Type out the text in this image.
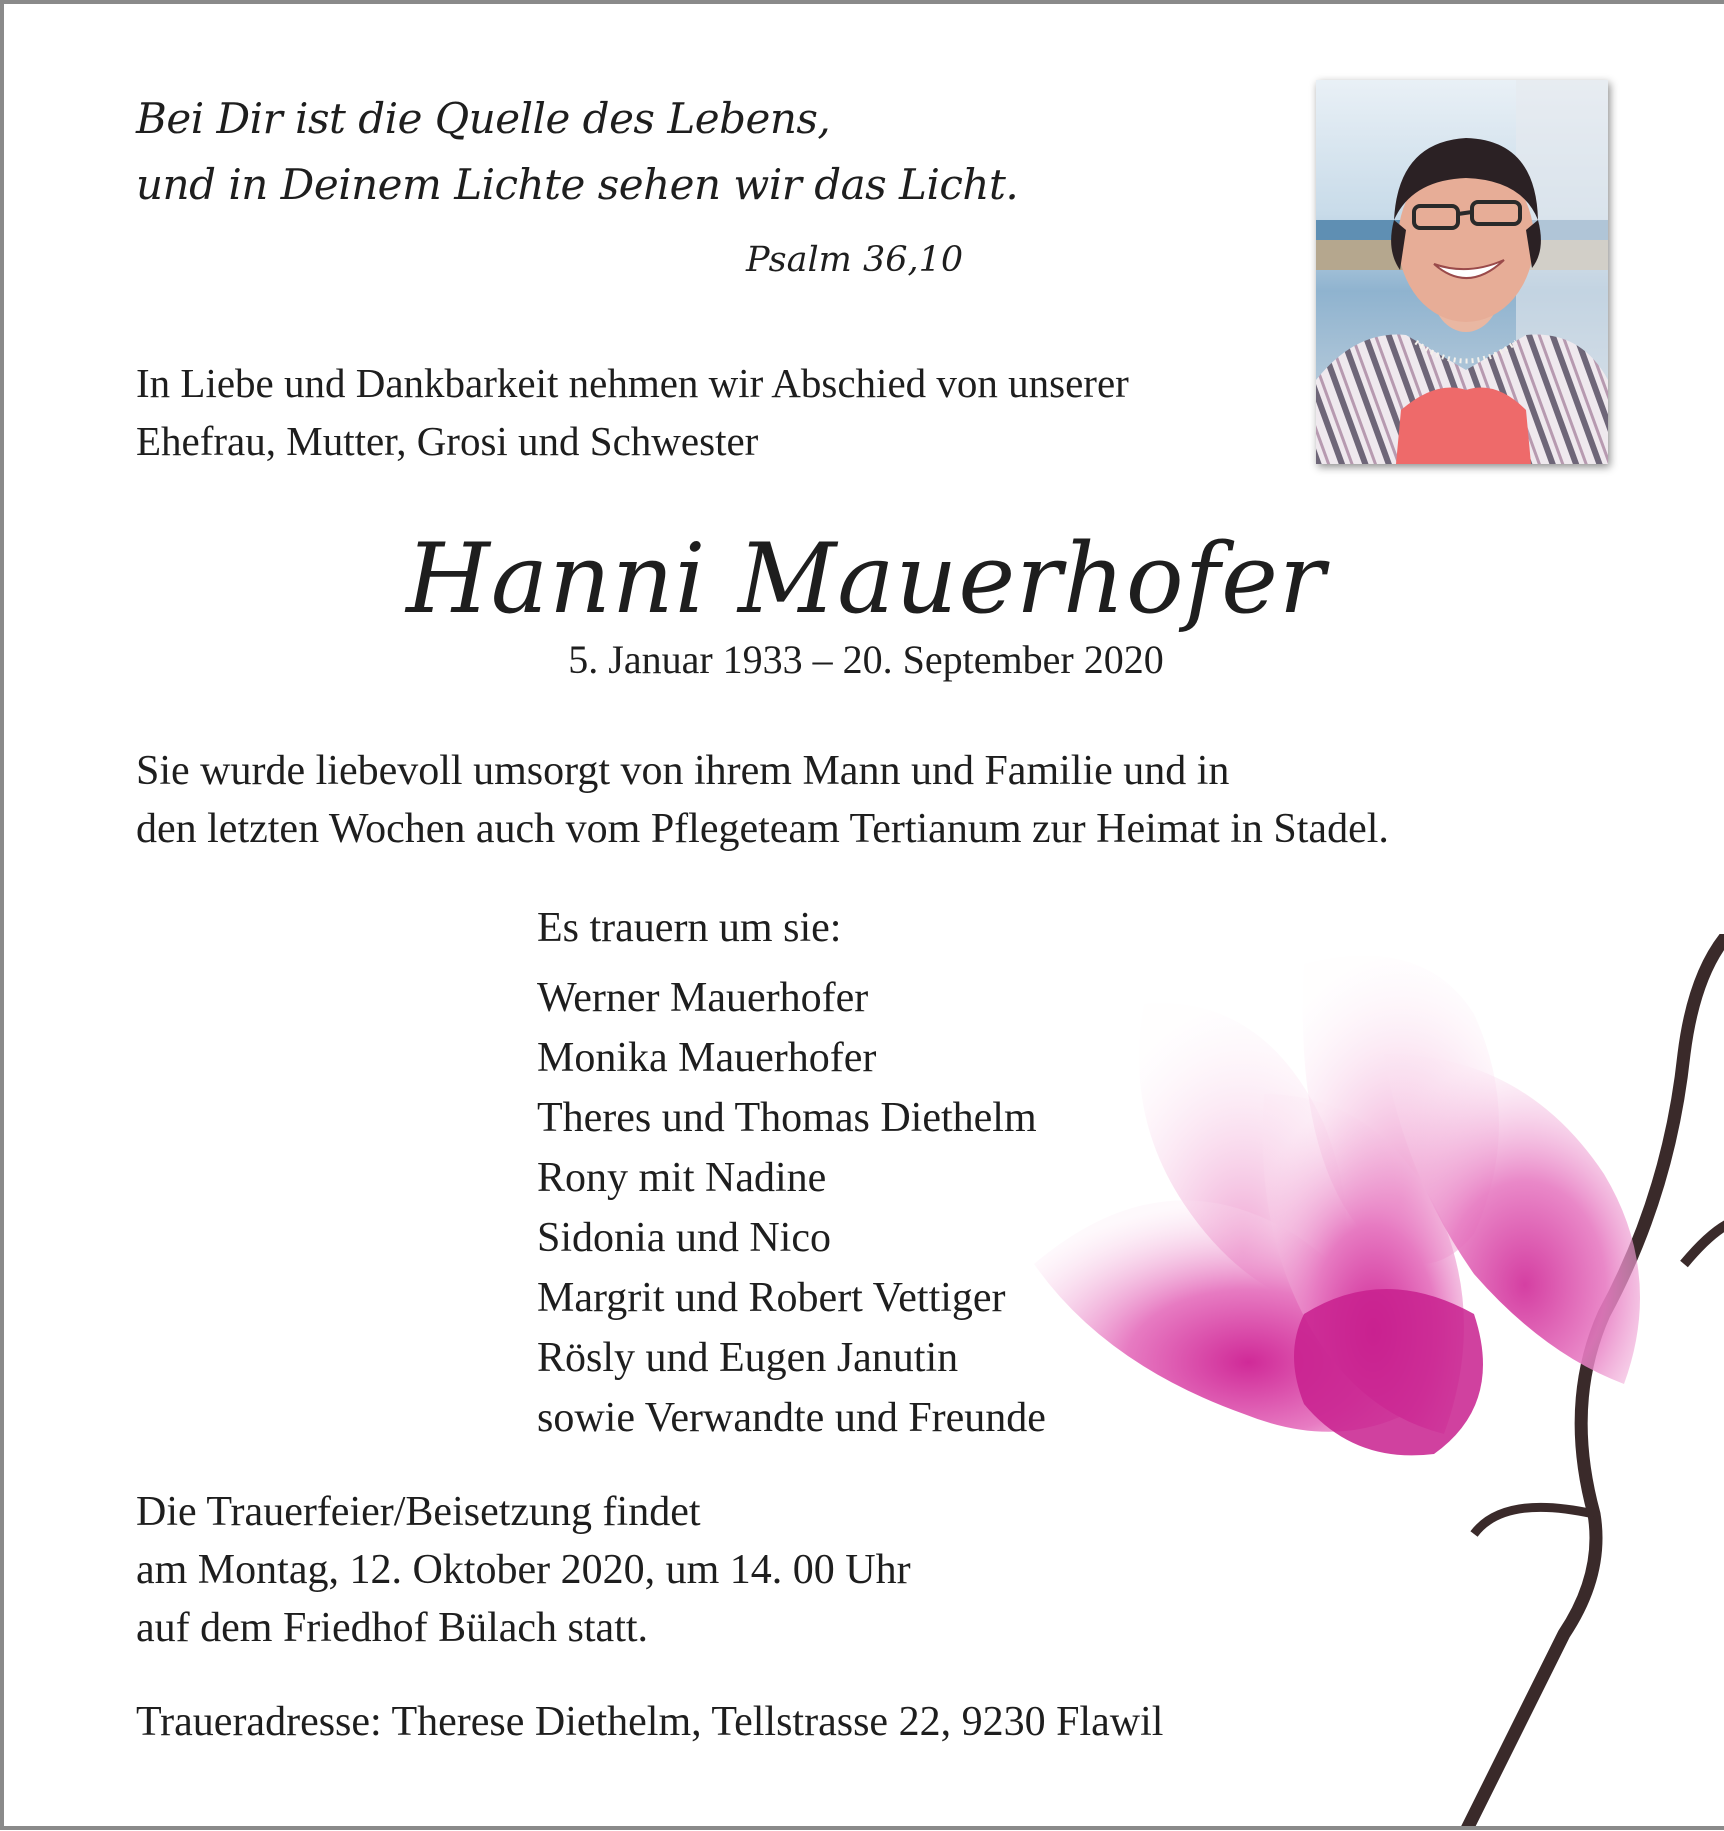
Bei Dir ist die Quelle des Lebens,
und in Deinem Lichte sehen wir das Licht.
Psalm 36,10
In Liebe und Dankbarkeit nehmen wir Abschied von unserer
Ehefrau, Mutter, Grosi und Schwester
Hanni Mauerhofer
5. Januar 1933 – 20. September 2020
Sie wurde liebevoll umsorgt von ihrem Mann und Familie und in
den letzten Wochen auch vom Pflegeteam Tertianum zur Heimat in Stadel.
Es trauern um sie:
Werner Mauerhofer
Monika Mauerhofer
Theres und Thomas Diethelm
Rony mit Nadine
Sidonia und Nico
Margrit und Robert Vettiger
Rösly und Eugen Janutin
sowie Verwandte und Freunde
Die Trauerfeier/Beisetzung findet
am Montag, 12. Oktober 2020, um 14. 00 Uhr
auf dem Friedhof Bülach statt.
Traueradresse: Therese Diethelm, Tellstrasse 22, 9230 Flawil
